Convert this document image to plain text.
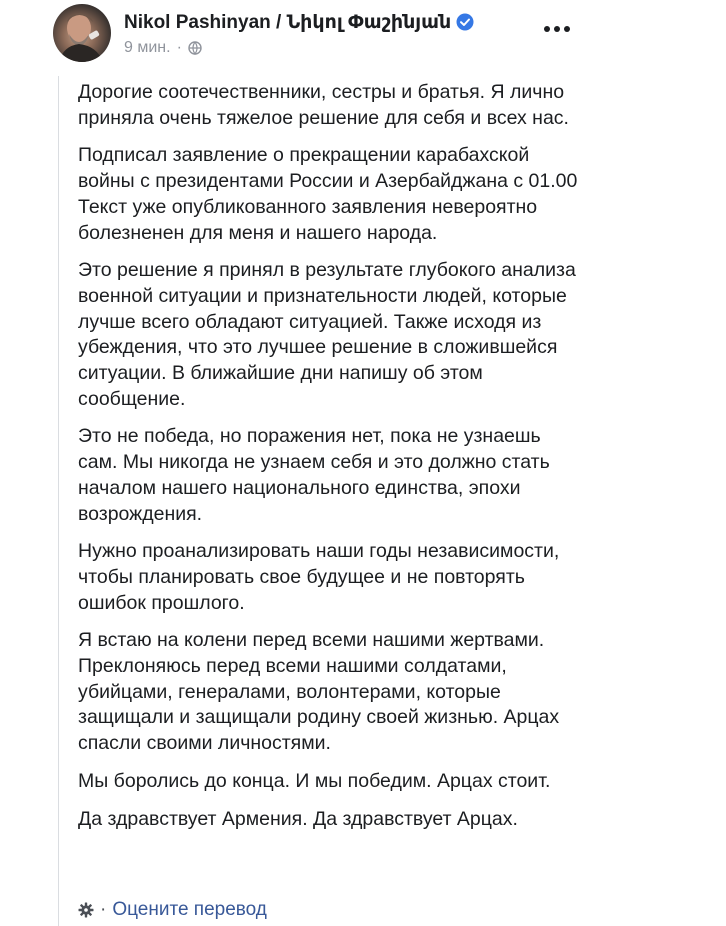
Nikol Pashinyan / Նիկոլ Փաշինյան
9 мин. ·

Дорогие соотечественники, сестры и братья. Я лично приняла очень тяжелое решение для себя и всех нас.

Подписал заявление о прекращении карабахской войны с президентами России и Азербайджана с 01.00 Текст уже опубликованного заявления невероятно болезненен для меня и нашего народа.

Это решение я принял в результате глубокого анализа военной ситуации и признательности людей, которые лучше всего обладают ситуацией. Также исходя из убеждения, что это лучшее решение в сложившейся ситуации. В ближайшие дни напишу об этом сообщение.

Это не победа, но поражения нет, пока не узнаешь сам. Мы никогда не узнаем себя и это должно стать началом нашего национального единства, эпохи возрождения.

Нужно проанализировать наши годы независимости, чтобы планировать свое будущее и не повторять ошибок прошлого.

Я встаю на колени перед всеми нашими жертвами. Преклоняюсь перед всеми нашими солдатами, убийцами, генералами, волонтерами, которые защищали и защищали родину своей жизнью. Арцах спасли своими личностями.

Мы боролись до конца. И мы победим. Арцах стоит.

Да здравствует Армения. Да здравствует Арцах.

· Оцените перевод
